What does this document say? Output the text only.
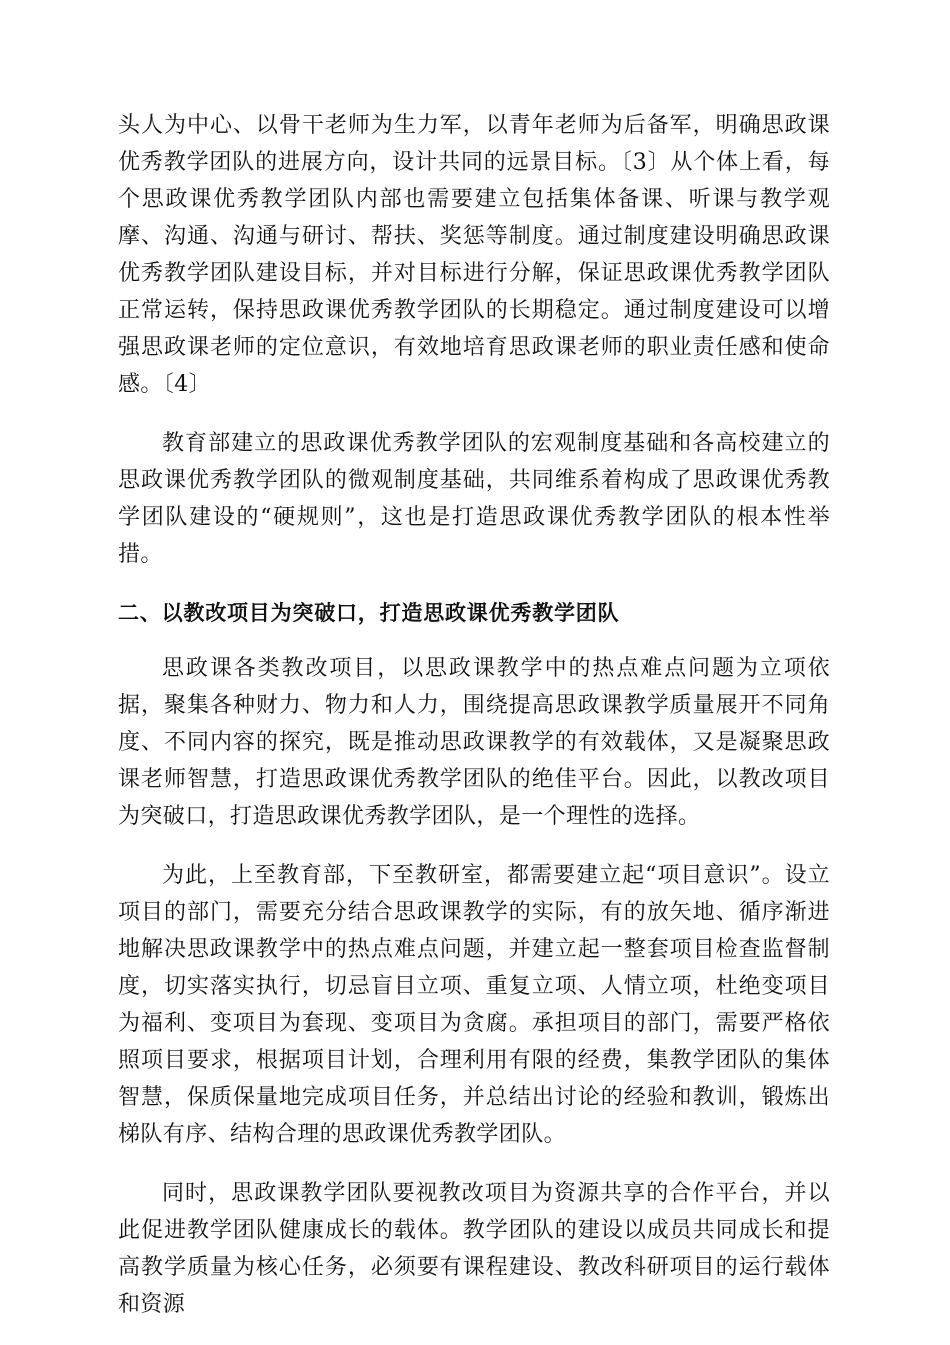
头人为中心、以骨干老师为生力军，以青年老师为后备军，明确思政课优秀教学团队的进展方向，设计共同的远景目标。〔3〕从个体上看，每个思政课优秀教学团队内部也需要建立包括集体备课、听课与教学观摩、沟通、沟通与研讨、帮扶、奖惩等制度。通过制度建设明确思政课优秀教学团队建设目标，并对目标进行分解，保证思政课优秀教学团队正常运转，保持思政课优秀教学团队的长期稳定。通过制度建设可以增强思政课老师的定位意识，有效地培育思政课老师的职业责任感和使命感。〔4〕

教育部建立的思政课优秀教学团队的宏观制度基础和各高校建立的思政课优秀教学团队的微观制度基础，共同维系着构成了思政课优秀教学团队建设的“硬规则”，这也是打造思政课优秀教学团队的根本性举措。

二、以教改项目为突破口，打造思政课优秀教学团队

思政课各类教改项目，以思政课教学中的热点难点问题为立项依据，聚集各种财力、物力和人力，围绕提高思政课教学质量展开不同角度、不同内容的探究，既是推动思政课教学的有效载体，又是凝聚思政课老师智慧，打造思政课优秀教学团队的绝佳平台。因此，以教改项目为突破口，打造思政课优秀教学团队，是一个理性的选择。

为此，上至教育部，下至教研室，都需要建立起“项目意识”。设立项目的部门，需要充分结合思政课教学的实际，有的放矢地、循序渐进地解决思政课教学中的热点难点问题，并建立起一整套项目检查监督制度，切实落实执行，切忌盲目立项、重复立项、人情立项，杜绝变项目为福利、变项目为套现、变项目为贪腐。承担项目的部门，需要严格依照项目要求，根据项目计划，合理利用有限的经费，集教学团队的集体智慧，保质保量地完成项目任务，并总结出讨论的经验和教训，锻炼出梯队有序、结构合理的思政课优秀教学团队。

同时，思政课教学团队要视教改项目为资源共享的合作平台，并以此促进教学团队健康成长的载体。教学团队的建设以成员共同成长和提高教学质量为核心任务，必须要有课程建设、教改科研项目的运行载体和资源
